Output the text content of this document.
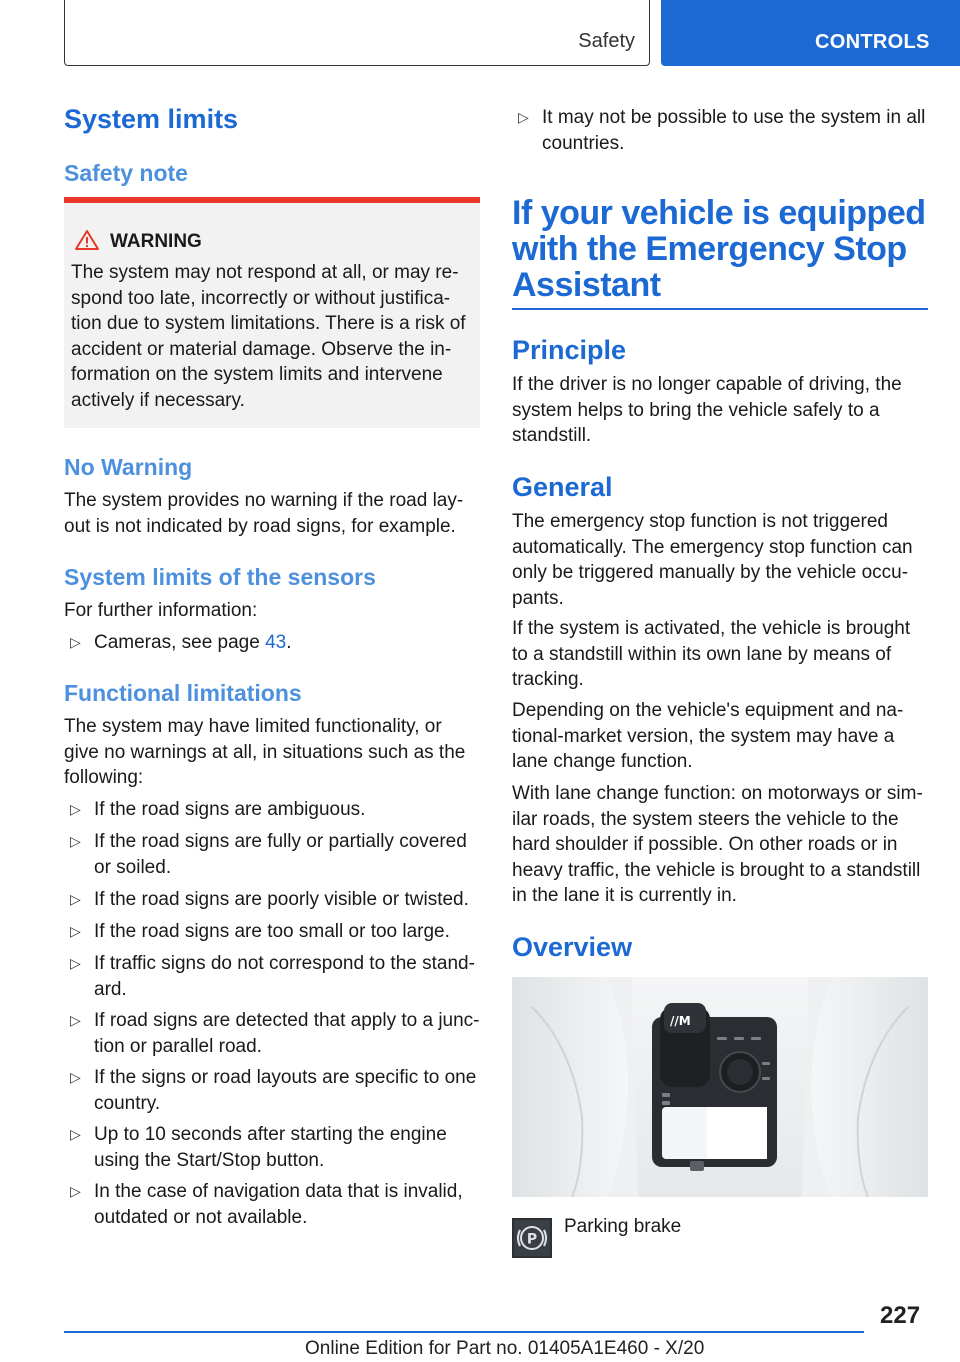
Safety	CONTROLS
System limits
Safety note
WARNING
The system may not respond at all, or may re-spond too late, incorrectly or without justifica-tion due to system limitations. There is a risk of accident or material damage. Observe the in-formation on the system limits and intervene actively if necessary.
No Warning
The system provides no warning if the road lay-out is not indicated by road signs, for example.
System limits of the sensors
For further information:
▷ Cameras, see page 43.
Functional limitations
The system may have limited functionality, or give no warnings at all, in situations such as the following:
▷ If the road signs are ambiguous.
▷ If the road signs are fully or partially covered or soiled.
▷ If the road signs are poorly visible or twisted.
▷ If the road signs are too small or too large.
▷ If traffic signs do not correspond to the stand-ard.
▷ If road signs are detected that apply to a junc-tion or parallel road.
▷ If the signs or road layouts are specific to one country.
▷ Up to 10 seconds after starting the engine using the Start/Stop button.
▷ In the case of navigation data that is invalid, outdated or not available.
▷ It may not be possible to use the system in all countries.
If your vehicle is equipped with the Emergency Stop Assistant
Principle
If the driver is no longer capable of driving, the system helps to bring the vehicle safely to a standstill.
General
The emergency stop function is not triggered automatically. The emergency stop function can only be triggered manually by the vehicle occu-pants.
If the system is activated, the vehicle is brought to a standstill within its own lane by means of tracking.
Depending on the vehicle's equipment and na-tional-market version, the system may have a lane change function.
With lane change function: on motorways or sim-ilar roads, the system steers the vehicle to the hard shoulder if possible. On other roads or in heavy traffic, the vehicle is brought to a standstill in the lane it is currently in.
Overview
//M
P
Parking brake
227
Online Edition for Part no. 01405A1E460 - X/20
